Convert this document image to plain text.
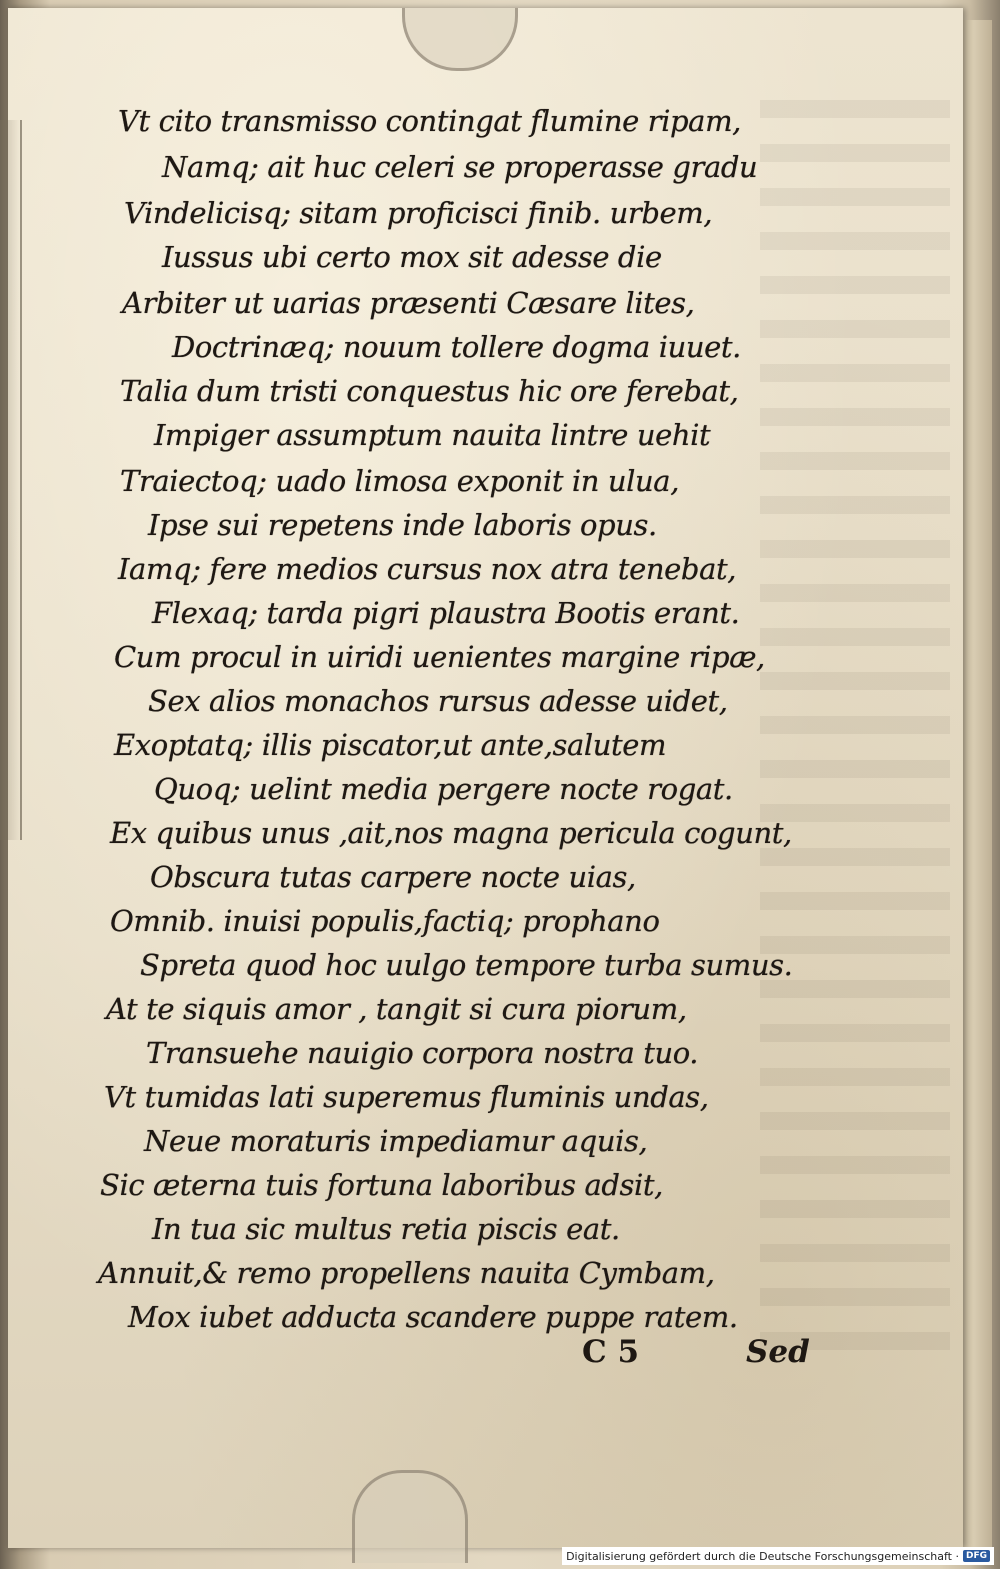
Vt cito transmisso contingat flumine ripam,
Namq; ait huc celeri se properasse gradu
Vindelicisq; sitam proficisci finib. urbem,
Iussus ubi certo mox sit adesse die
Arbiter ut uarias præsenti Cæsare lites,
Doctrinæq; nouum tollere dogma iuuet.
Talia dum tristi conquestus hic ore ferebat,
Impiger assumptum nauita lintre uehit
Traiectoq; uado limosa exponit in ulua,
Ipse sui repetens inde laboris opus.
Iamq; fere medios cursus nox atra tenebat,
Flexaq; tarda pigri plaustra Bootis erant.
Cum procul in uiridi uenientes margine ripæ,
Sex alios monachos rursus adesse uidet,
Exoptatq; illis piscator,ut ante,salutem
Quoq; uelint media pergere nocte rogat.
Ex quibus unus ,ait,nos magna pericula cogunt,
Obscura tutas carpere nocte uias,
Omnib. inuisi populis,factiq; prophano
Spreta quod hoc uulgo tempore turba sumus.
At te siquis amor , tangit si cura piorum,
Transuehe nauigio corpora nostra tuo.
Vt tumidas lati superemus fluminis undas,
Neue moraturis impediamur aquis,
Sic æterna tuis fortuna laboribus adsit,
In tua sic multus retia piscis eat.
Annuit,& remo propellens nauita Cymbam,
Mox iubet adducta scandere puppe ratem.
C 5	Sed
Digitalisierung gefördert durch die Deutsche Forschungsgemeinschaft · DFG
